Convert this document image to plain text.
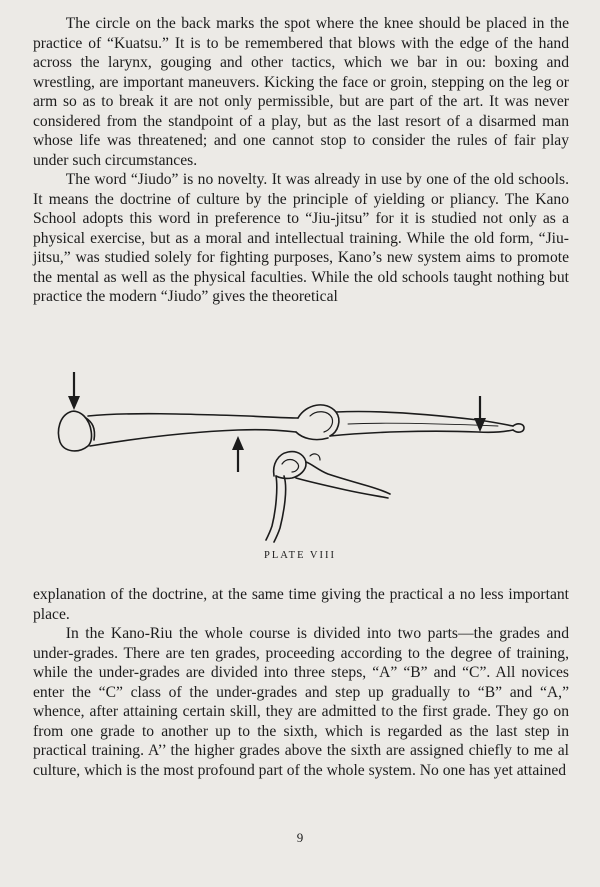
The circle on the back marks the spot where the knee should be placed in the practice of “Kuatsu.” It is to be remembered that blows with the edge of the hand across the larynx, gouging and other tactics, which we bar in ou: boxing and wrestling, are important maneuvers. Kicking the face or groin, stepping on the leg or arm so as to break it are not only permissible, but are part of the art. It was never considered from the standpoint of a play, but as the last resort of a disarmed man whose life was threatened; and one cannot stop to consider the rules of fair play under such circumstances.

The word “Jiudo” is no novelty. It was already in use by one of the old schools. It means the doctrine of culture by the principle of yielding or pliancy. The Kano School adopts this word in preference to “Jiu-jitsu” for it is studied not only as a physical exercise, but as a moral and intellectual training. While the old form, “Jiu-jitsu,” was studied solely for fighting purposes, Kano’s new system aims to promote the mental as well as the physical faculties. While the old schools taught nothing but practice the modern “Jiudo” gives the theoretical

PLATE VIII

explanation of the doctrine, at the same time giving the practical a no less important place.

In the Kano-Riu the whole course is divided into two parts—the grades and under-grades. There are ten grades, proceeding according to the degree of training, while the under-grades are divided into three steps, “A” “B” and “C”. All novices enter the “C” class of the under-grades and step up gradually to “B” and “A,” whence, after attaining certain skill, they are admitted to the first grade. They go on from one grade to another up to the sixth, which is regarded as the last step in practical training. A’’ the higher grades above the sixth are assigned chiefly to me al culture, which is the most profound part of the whole system. No one has yet attained

9
